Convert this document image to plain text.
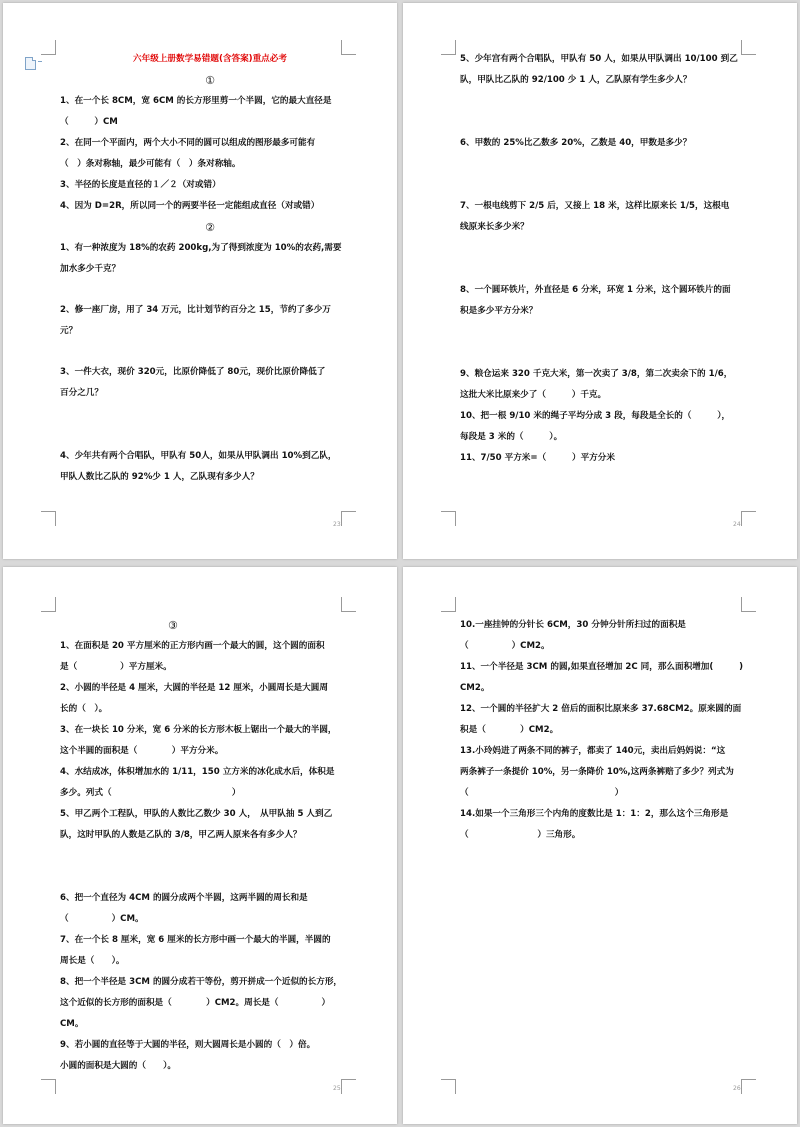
六年级上册数学易错题(含答案)重点必考

①

1、在一个长 8CM，宽 6CM 的长方形里剪一个半圆，它的最大直径是

（　　　）CM

2、在同一个平面内，两个大小不同的圆可以组成的图形最多可能有

（　）条对称轴，最少可能有（　）条对称轴。

3、半径的长度是直径的１／２（对或错）

4、因为 D=2R，所以同一个的两要半径一定能组成直径（对或错）

②

1、有一种浓度为 18%的农药 200kg,为了得到浓度为 10%的农药,需要

加水多少千克？

2、修一座厂房，用了 34 万元，比计划节约百分之 15，节约了多少万

元？

3、一件大衣，现价 320元，比原价降低了 80元，现价比原价降低了

百分之几？

4、少年共有两个合唱队，甲队有 50人，如果从甲队调出 10%到乙队，

甲队人数比乙队的 92%少 1 人，乙队现有多少人？

23

5、少年宫有两个合唱队，甲队有 50 人，如果从甲队调出 10/100 到乙

队，甲队比乙队的 92/100 少 1 人，乙队原有学生多少人？

6、甲数的 25%比乙数多 20%，乙数是 40，甲数是多少？

7、一根电线剪下 2/5 后，又接上 18 米，这样比原来长 1/5，这根电

线原来长多少米？

8、一个圆环铁片，外直径是 6 分米，环宽 1 分米，这个圆环铁片的面

积是多少平方分米？

9、粮仓运来 320 千克大米，第一次卖了 3/8，第二次卖余下的 1/6，

这批大米比原来少了（　　　）千克。

10、把一根 9/10 米的绳子平均分成 3 段，每段是全长的（　　　），

每段是 3 米的（　　　）。

11、7/50 平方米=（　　　）平方分米

24

③

1、在面积是 20 平方厘米的正方形内画一个最大的圆，这个圆的面积

是（　　　　　）平方厘米。

2、小圆的半径是 4 厘米，大圆的半径是 12 厘米，小圆周长是大圆周

长的（　）。

3、在一块长 10 分米，宽 6 分米的长方形木板上锯出一个最大的半圆，

这个半圆的面积是（　　　　）平方分米。

4、水结成冰，体积增加水的 1/11，150 立方米的冰化成水后，体积是

多少。列式（　　　　　　　　　　　　　　）

5、甲乙两个工程队，甲队的人数比乙数少 30 人，　从甲队抽 5 人到乙

队，这时甲队的人数是乙队的 3/8，甲乙两人原来各有多少人？

6、把一个直径为 4CM 的圆分成两个半圆，这两半圆的周长和是

（　　　　　）CM。

7、在一个长 8 厘米，宽 6 厘米的长方形中画一个最大的半圆，半圆的

周长是（　　）。

8、把一个半径是 3CM 的圆分成若干等份，剪开拼成一个近似的长方形，

这个近似的长方形的面积是（　　　　）CM2。周长是（　　　　　）

CM。

9、若小圆的直径等于大圆的半径，则大圆周长是小圆的（　）倍。

小圆的面积是大圆的（　　）。

25

10.一座挂钟的分针长 6CM，30 分钟分针所扫过的面积是

（　　　　　）CM2。

11、一个半径是 3CM 的圆,如果直径增加 2C 同，那么面积增加(　　　)

CM2。

12、一个圆的半径扩大 2 倍后的面积比原来多 37.68CM2。原来圆的面

积是（　　　　）CM2。

13.小玲妈进了两条不同的裤子，都卖了 140元，卖出后妈妈说：“这

两条裤子一条提价 10%，另一条降价 10%,这两条裤赔了多少？列式为

（　　　　　　　　　　　　　　　　　）

14.如果一个三角形三个内角的度数比是 1：1：2，那么这个三角形是

（　　　　　　　　）三角形。

26
